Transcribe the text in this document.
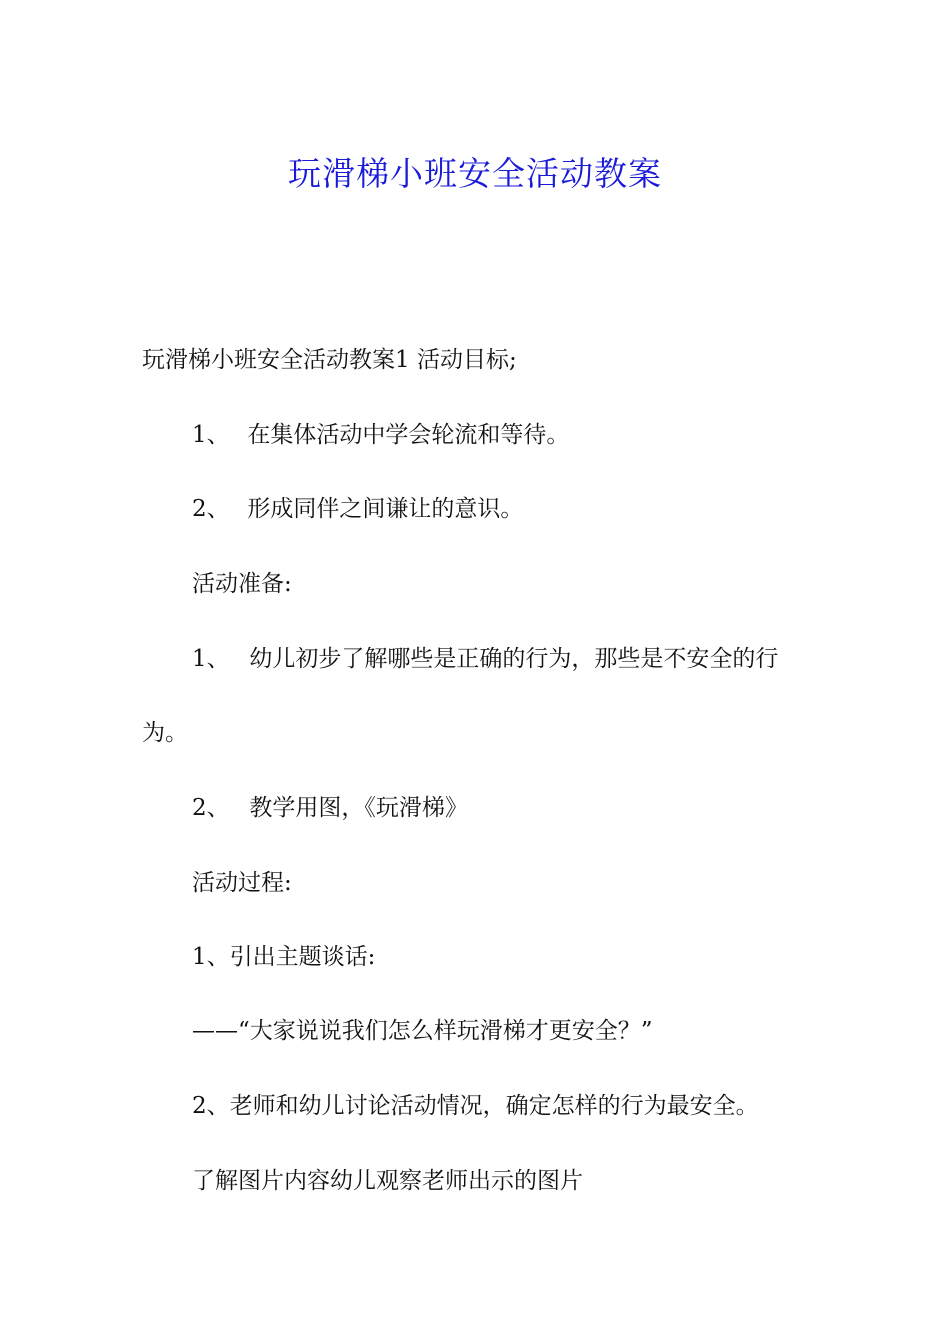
玩滑梯小班安全活动教案
玩滑梯小班安全活动教案1 活动目标;
1、 在集体活动中学会轮流和等待。
2、 形成同伴之间谦让的意识。
活动准备:
1、 幼儿初步了解哪些是正确的行为，那些是不安全的行
为。
2、 教学用图，《玩滑梯》
活动过程:
1、引出主题谈话:
——“大家说说我们怎么样玩滑梯才更安全？”
2、老师和幼儿讨论活动情况，确定怎样的行为最安全。
了解图片内容幼儿观察老师出示的图片
